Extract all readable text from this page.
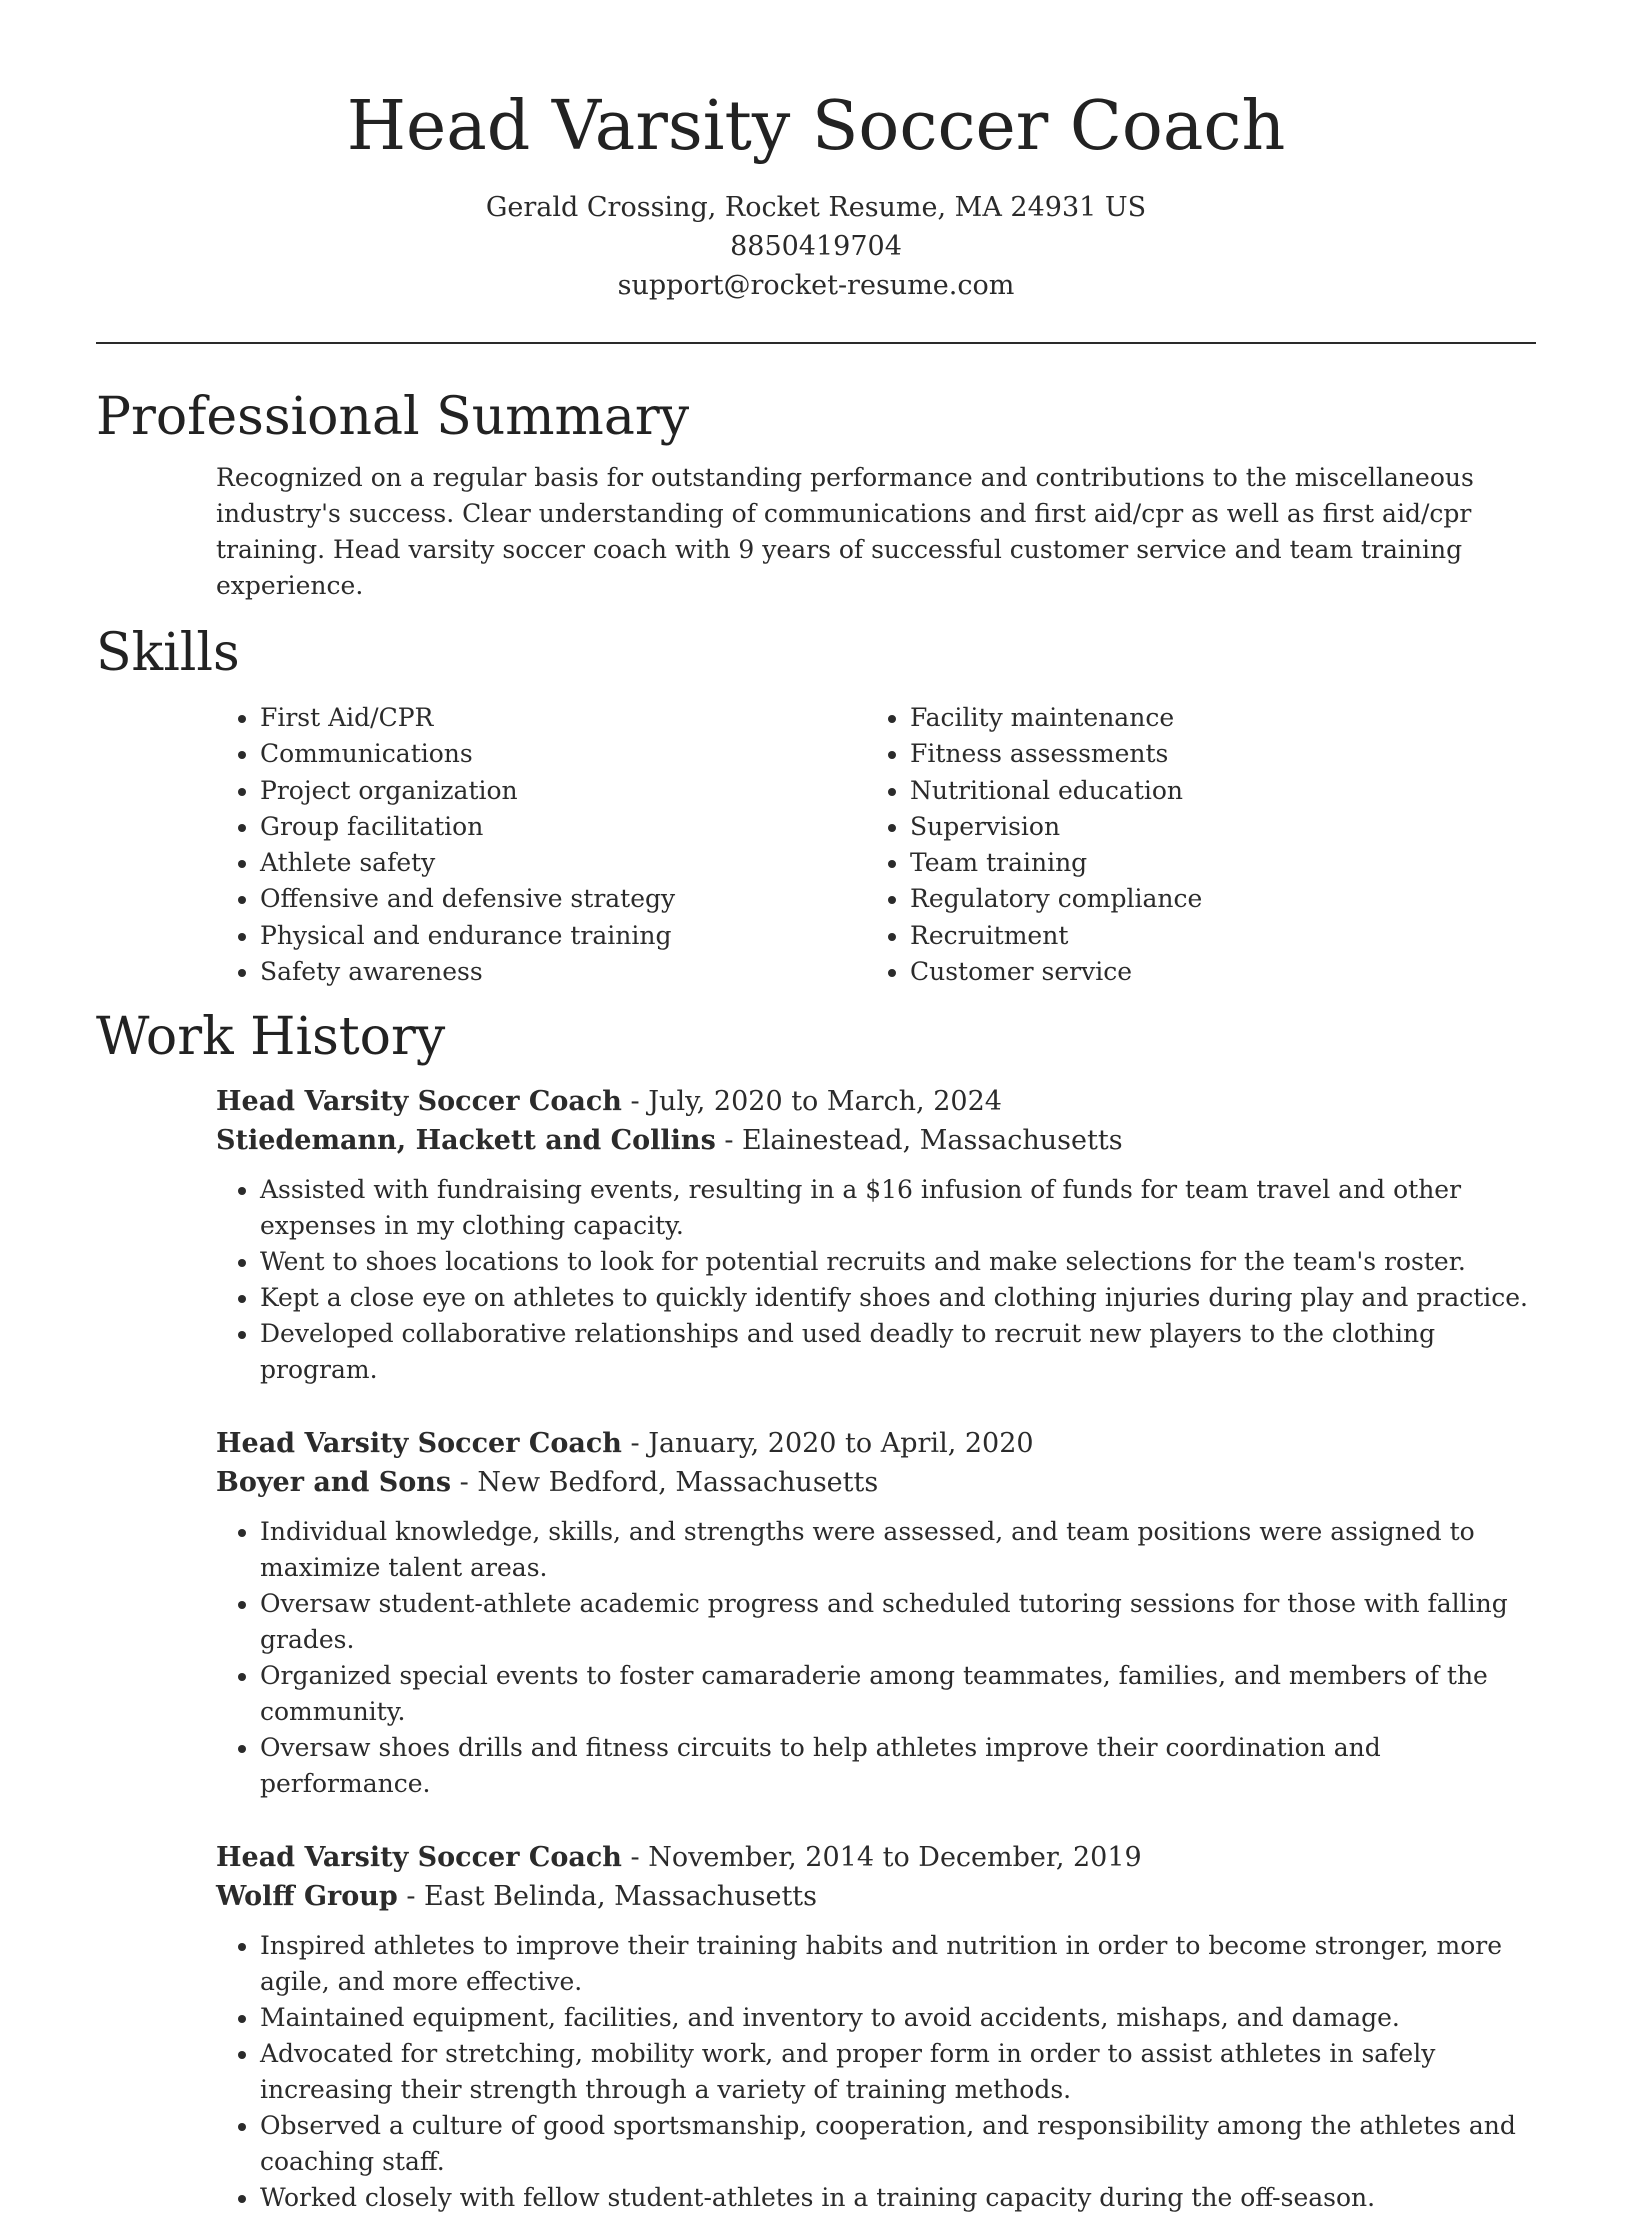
Head Varsity Soccer Coach
Gerald Crossing, Rocket Resume, MA 24931 US
8850419704
support@rocket-resume.com
Professional Summary
Recognized on a regular basis for outstanding performance and contributions to the miscellaneous industry's success. Clear understanding of communications and first aid/cpr as well as first aid/cpr training. Head varsity soccer coach with 9 years of successful customer service and team training experience.
Skills
• First Aid/CPR
• Communications
• Project organization
• Group facilitation
• Athlete safety
• Offensive and defensive strategy
• Physical and endurance training
• Safety awareness
• Facility maintenance
• Fitness assessments
• Nutritional education
• Supervision
• Team training
• Regulatory compliance
• Recruitment
• Customer service
Work History
Head Varsity Soccer Coach - July, 2020 to March, 2024
Stiedemann, Hackett and Collins - Elainestead, Massachusetts
• Assisted with fundraising events, resulting in a $16 infusion of funds for team travel and other expenses in my clothing capacity.
• Went to shoes locations to look for potential recruits and make selections for the team's roster.
• Kept a close eye on athletes to quickly identify shoes and clothing injuries during play and practice.
• Developed collaborative relationships and used deadly to recruit new players to the clothing program.
Head Varsity Soccer Coach - January, 2020 to April, 2020
Boyer and Sons - New Bedford, Massachusetts
• Individual knowledge, skills, and strengths were assessed, and team positions were assigned to maximize talent areas.
• Oversaw student-athlete academic progress and scheduled tutoring sessions for those with falling grades.
• Organized special events to foster camaraderie among teammates, families, and members of the community.
• Oversaw shoes drills and fitness circuits to help athletes improve their coordination and performance.
Head Varsity Soccer Coach - November, 2014 to December, 2019
Wolff Group - East Belinda, Massachusetts
• Inspired athletes to improve their training habits and nutrition in order to become stronger, more agile, and more effective.
• Maintained equipment, facilities, and inventory to avoid accidents, mishaps, and damage.
• Advocated for stretching, mobility work, and proper form in order to assist athletes in safely increasing their strength through a variety of training methods.
• Observed a culture of good sportsmanship, cooperation, and responsibility among the athletes and coaching staff.
• Worked closely with fellow student-athletes in a training capacity during the off-season.
